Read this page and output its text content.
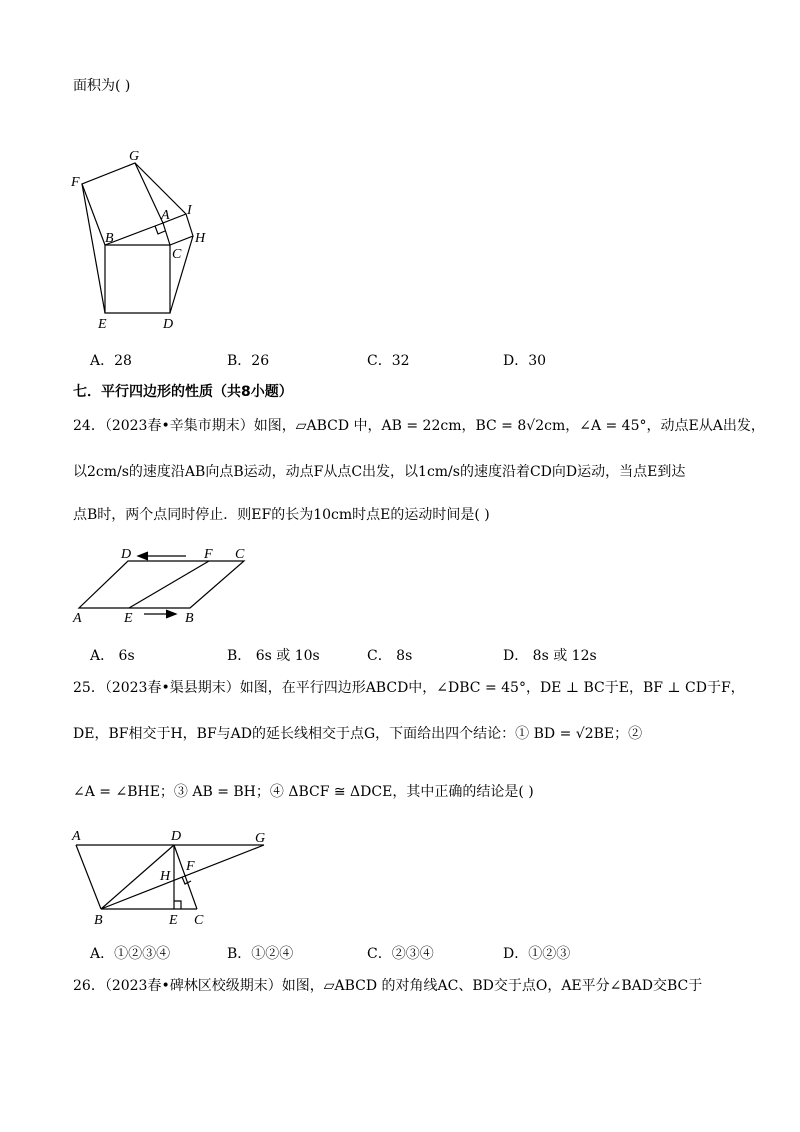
面积为( )
G
F
A I
B
C
H
E	D
A．28	B．26	C．32	D．30
七．平行四边形的性质（共8小题）
24．（2023春•辛集市期末）如图，▱ABCD 中，AB = 22cm，BC = 8√2cm，∠A = 45°，动点E从A出发，
以2cm/s的速度沿AB向点B运动，动点F从点C出发，以1cm/s的速度沿着CD向D运动，当点E到达
点B时，两个点同时停止．则EF的长为10cm时点E的运动时间是( )
D	F C
A	E	B
A． 6s	B． 6s 或 10s	C． 8s	D． 8s 或 12s
25．（2023春•渠县期末）如图，在平行四边形ABCD中，∠DBC = 45°，DE ⊥ BC于E，BF ⊥ CD于F，
DE，BF相交于H，BF与AD的延长线相交于点G，下面给出四个结论：① BD = √2BE；②
∠A = ∠BHE；③ AB = BH；④ ΔBCF ≅ ΔDCE，其中正确的结论是( )
A	D	G
F
H
B	E C
A．①②③④	B．①②④	C．②③④	D．①②③
26．（2023春•碑林区校级期末）如图，▱ABCD 的对角线AC、BD交于点O，AE平分∠BAD交BC于
